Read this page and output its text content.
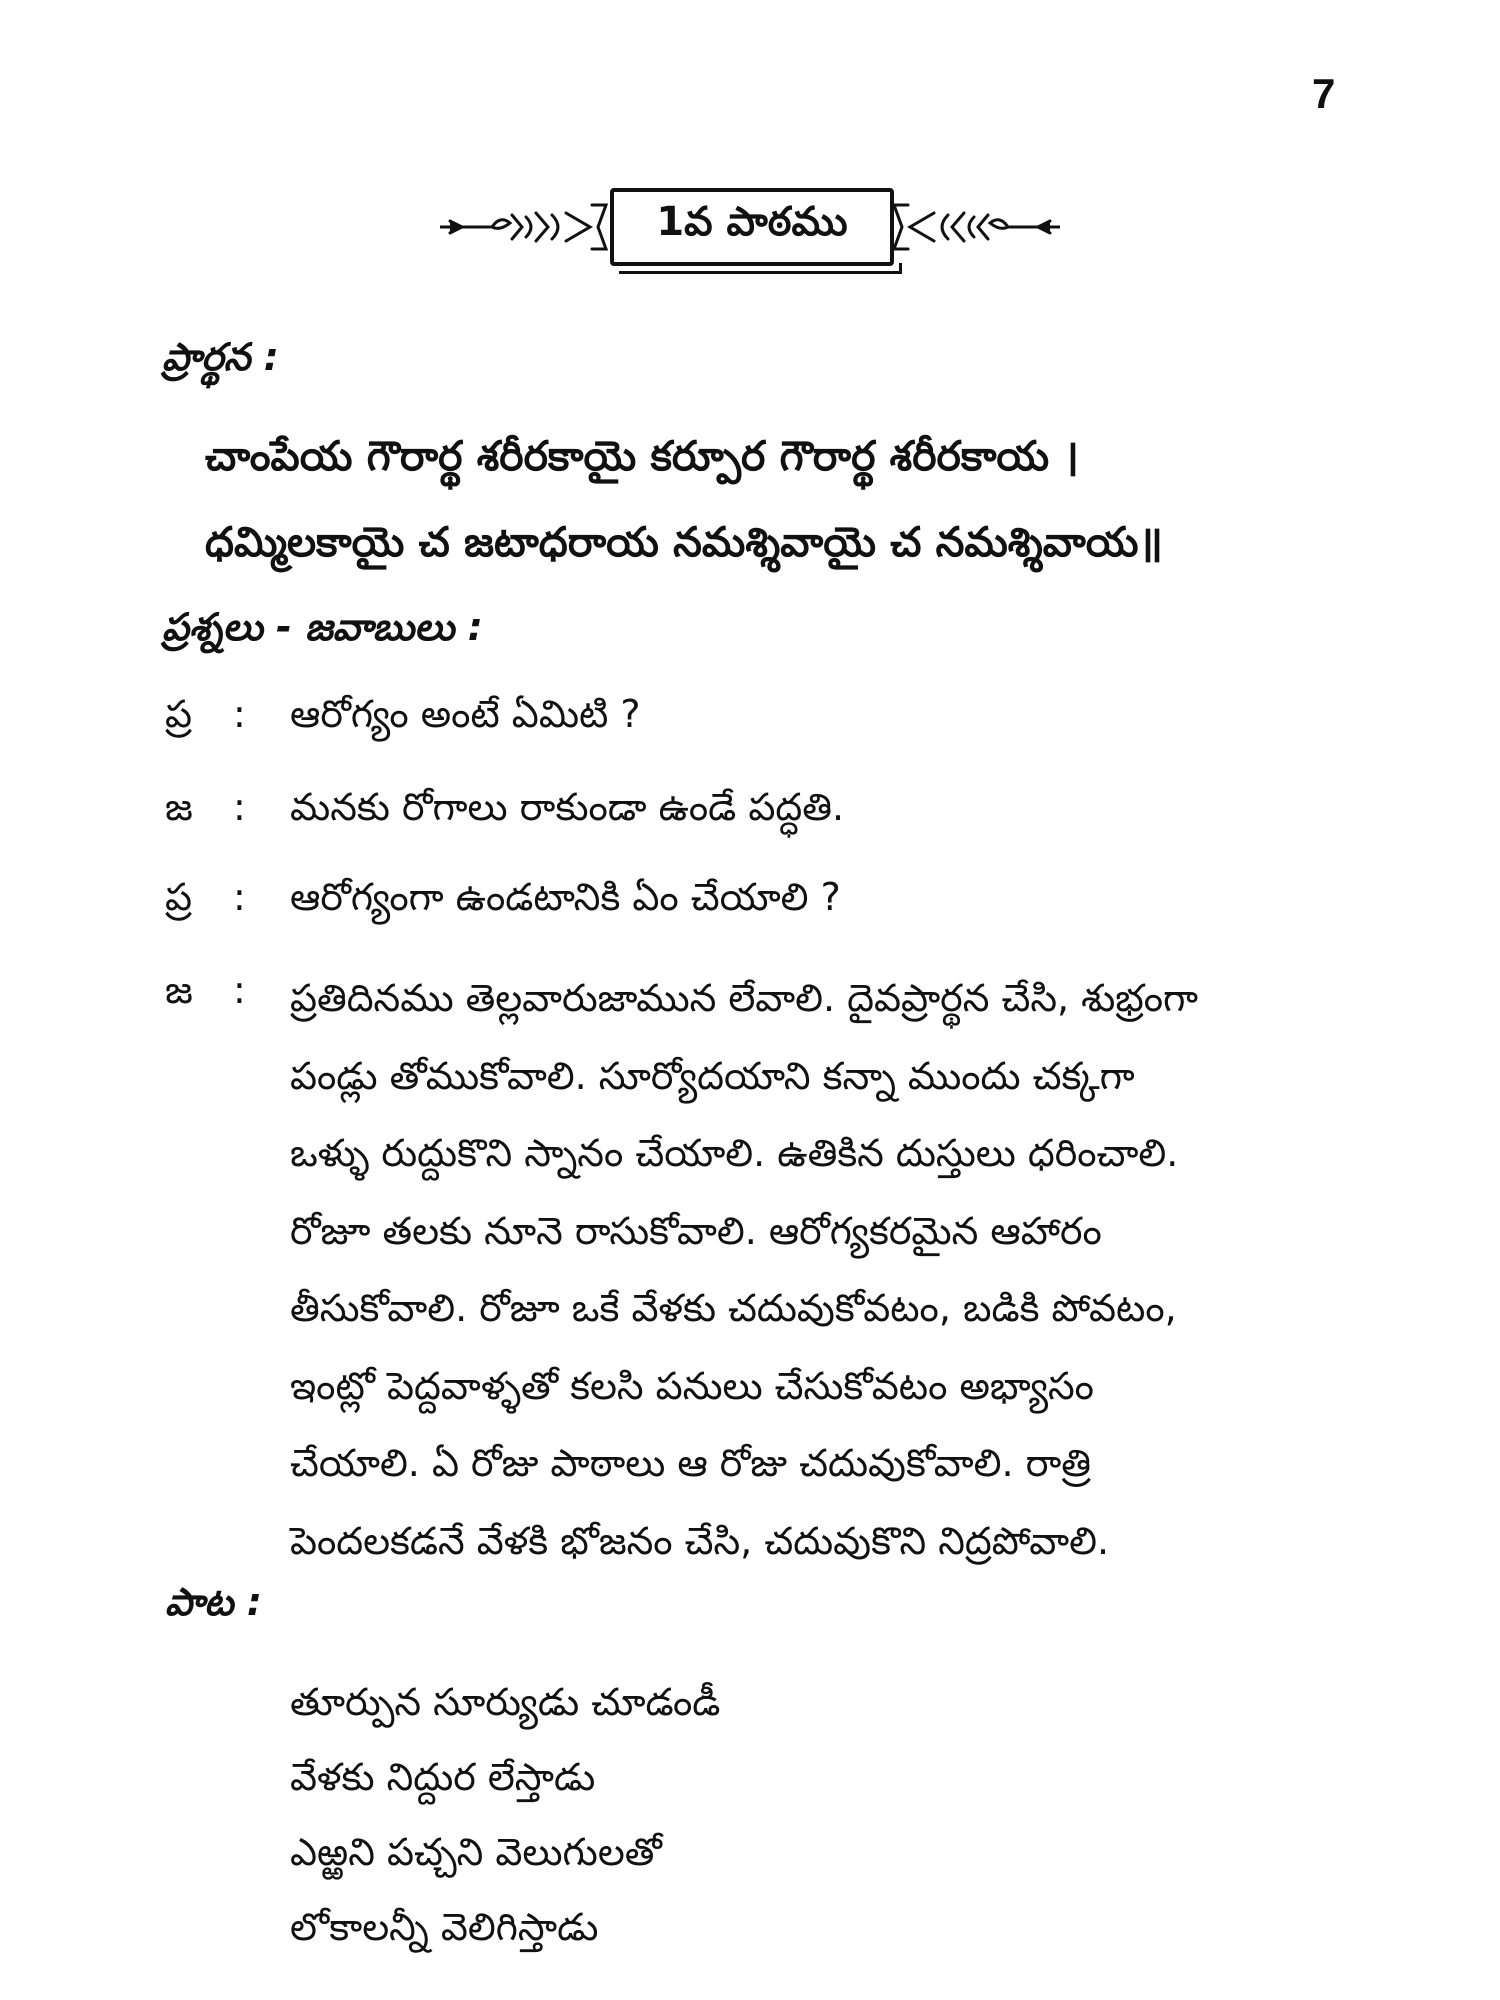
7
1వ పాఠము
ప్రార్థన :
చాంపేయ గౌరార్థ శరీరకాయై కర్పూర గౌరార్థ శరీరకాయ ।
ధమ్మిలకాయై చ జటాధరాయ నమశ్శివాయై చ నమశ్శివాయ॥
ప్రశ్నలు - జవాబులు :
ప్ర	: ఆరోగ్యం అంటే ఏమిటి ?
జ	: మనకు రోగాలు రాకుండా ఉండే పద్ధతి.
ప్ర	: ఆరోగ్యంగా ఉండటానికి ఏం చేయాలి ?
జ	: ప్రతిదినము తెల్లవారుజామున లేవాలి. దైవప్రార్థన చేసి, శుభ్రంగా
పండ్లు తోముకోవాలి. సూర్యోదయాని కన్నా ముందు చక్కగా
ఒళ్ళు రుద్దుకొని స్నానం చేయాలి. ఉతికిన దుస్తులు ధరించాలి.
రోజూ తలకు నూనె రాసుకోవాలి. ఆరోగ్యకరమైన ఆహారం
తీసుకోవాలి. రోజూ ఒకే వేళకు చదువుకోవటం, బడికి పోవటం,
ఇంట్లో పెద్దవాళ్ళతో కలసి పనులు చేసుకోవటం అభ్యాసం
చేయాలి. ఏ రోజు పాఠాలు ఆ రోజు చదువుకోవాలి. రాత్రి
పెందలకడనే వేళకి భోజనం చేసి, చదువుకొని నిద్రపోవాలి.
పాట :
తూర్పున సూర్యుడు చూడండీ
వేళకు నిద్దుర లేస్తాడు
ఎఱ్ఱని పచ్చని వెలుగులతో
లోకాలన్నీ వెలిగిస్తాడు
